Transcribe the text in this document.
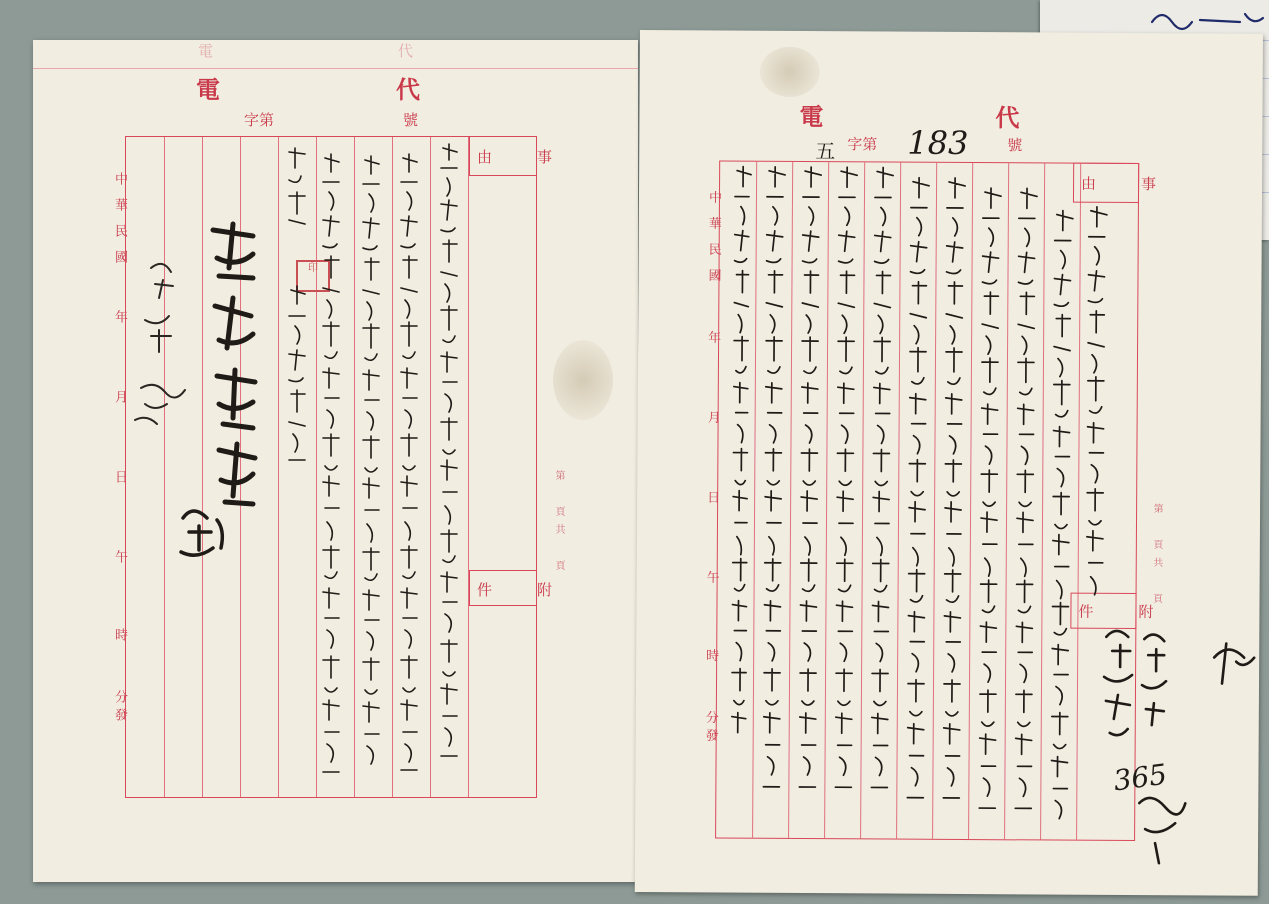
電	代
電	代
字第	號
中
華
民
國
年
月
日
午
時
分
發
由　　　事
件　　　附
第　頁共　頁
印
電	代
字第	號
五 183
中
華
民
國
年
月
日
午
時
分
發
由　　　事
件　　　附
第　頁共　頁
365
